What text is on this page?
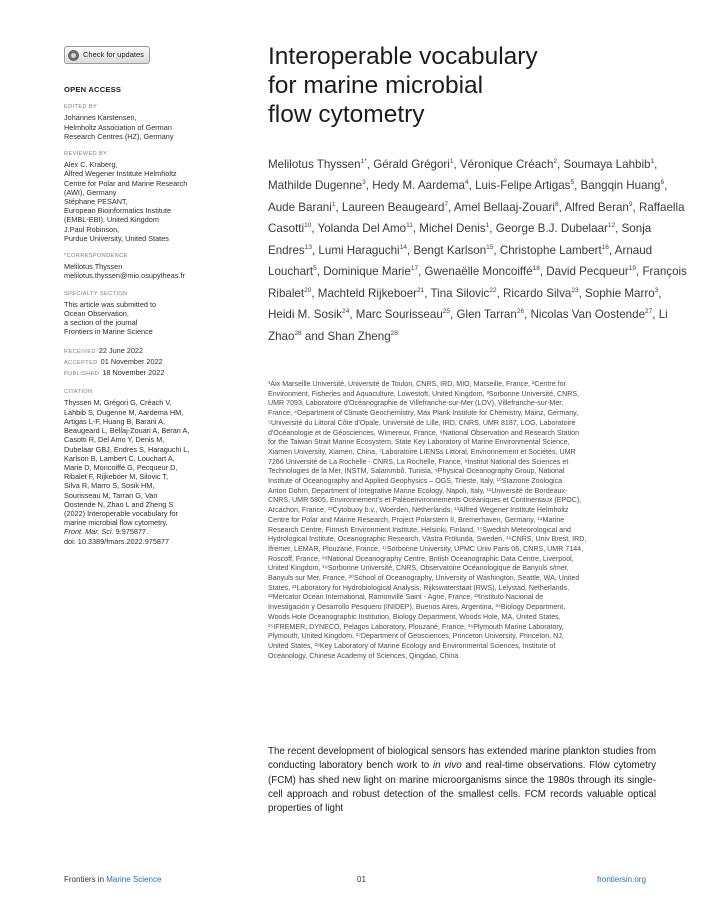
Check for updates
OPEN ACCESS
EDITED BY
Johannes Karstensen,
Helmholtz Association of German
Research Centres (HZ), Germany
REVIEWED BY
Alex C. Kraberg,
Alfred Wegener Institute Helmholtz
Centre for Polar and Marine Research
(AWI), Germany
Stéphane PESANT,
European Bioinformatics Institute
(EMBL-EBI), United Kingdom
J.Paul Robinson,
Purdue University, United States
*CORRESPONDENCE
Melilotus Thyssen
melilotus.thyssen@mio.osupytheas.fr
SPECIALTY SECTION
This article was submitted to
Ocean Observation,
a section of the journal
Frontiers in Marine Science
RECEIVED 22 June 2022
ACCEPTED 01 November 2022
PUBLISHED 18 November 2022
CITATION
Thyssen M, Grégori G, Créach V,
Lahbib S, Dugenne M, Aardema HM,
Artigas L-F, Huang B, Barani A,
Beaugeard L, Bellaj-Zouari A, Beran A,
Casotti R, Del Amo Y, Denis M,
Dubelaar GBJ, Endres S, Haraguchi L,
Karlson B, Lambert C, Louchart A,
Marie D, Moncoiffé G, Pecqueur D,
Ribalet F, Rijkeboer M, Silovic T,
Silva R, Marro S, Sosik HM,
Sourisseau M, Tarran G, Van
Oostende N, Zhao L and Zheng S
(2022) Interoperable vocabulary for
marine microbial flow cytometry.
Front. Mar. Sci. 9:975877.
doi: 10.3389/fmars.2022.975877
Interoperable vocabulary
for marine microbial
flow cytometry
Melilotus Thyssen$^{1*}$, Gérald Grégori$^1$, Véronique Créach$^2$, Soumaya Lahbib$^1$, Mathilde Dugenne$^3$, Hedy M. Aardema$^4$, Luis-Felipe Artigas$^5$, Bangqin Huang$^6$, Aude Barani$^1$, Laureen Beaugeard$^7$, Amel Bellaaj-Zouari$^8$, Alfred Beran$^9$, Raffaella Casotti$^{10}$, Yolanda Del Amo$^{11}$, Michel Denis$^1$, George B.J. Dubelaar$^{12}$, Sonja Endres$^{13}$, Lumi Haraguchi$^{14}$, Bengt Karlson$^{15}$, Christophe Lambert$^{16}$, Arnaud Louchart$^5$, Dominique Marie$^{17}$, Gwenaëlle Moncoiffé$^{18}$, David Pecqueur$^{19}$, François Ribalet$^{20}$, Machteld Rijkeboer$^{21}$, Tina Silovic$^{22}$, Ricardo Silva$^{23}$, Sophie Marro$^3$, Heidi M. Sosik$^{24}$, Marc Sourisseau$^{25}$, Glen Tarran$^{26}$, Nicolas Van Oostende$^{27}$, Li Zhao$^{28}$ and Shan Zheng$^{28}$
¹Aix Marseille Université, Université de Toulon, CNRS, IRD, MIO, Marseille, France, ²Centre for
Environment, Fisheries and Aquaculture, Lowestoft, United Kingdom, ³Sorbonne Université, CNRS,
UMR 7093, Laboratoire d'Océanographie de Villefranche-sur-Mer (LOV), Villefranche-sur-Mer,
France, ⁴Department of Climate Geochemistry, Max Plank Institute for Chemistry, Mainz, Germany,
⁵Université du Littoral Côte d'Opale, Université de Lille, IRD, CNRS, UMR 8187, LOG, Laboratoire
d'Océanologie et de Géosciences, Wimereux, France, ⁶National Observation and Research Station
for the Taiwan Strait Marine Ecosystem, State Key Laboratory of Marine Environmental Science,
Xiamen University, Xiamen, China, ⁷Laboratoire LIENSs Littoral, Environnement et Sociétés, UMR
7266 Université de La Rochelle - CNRS, La Rochelle, France, ⁸Institut National des Sciences et
Technologies de la Mer, INSTM, Salammbô, Tunisia, ⁹Physical Oceanography Group, National
Institute of Oceanography and Applied Geophysics – OGS, Trieste, Italy, ¹⁰Stazione Zoologica
Anton Dohrn, Department of Integrative Marine Ecology, Napoli, Italy, ¹¹Université de Bordeaux-
CNRS, UMR 5805, Environnement's et Paléoenvironnements Océaniques et Continentaux (EPOC),
Arcachon, France, ¹²Cytobuoy b.v., Woerden, Netherlands, ¹³Alfred Wegener Institute Helmholtz
Centre for Polar and Marine Research, Project Polarstern II, Bremerhaven, Germany, ¹⁴Marine
Research Centre, Finnish Environment Institute, Helsinki, Finland, ¹⁵Swedish Meteorological and
Hydrological Institute, Oceanographic Research, Västra Frölunda, Sweden, ¹⁶CNRS, Univ Brest, IRD,
Ifremer, LEMAR, Plouzane, France, ¹⁷Sorbonne University, UPMC Univ Paris 06, CNRS, UMR 7144,
Roscoff, France, ¹⁸National Oceanography Centre, British Oceanographic Data Centre, Liverpool,
United Kingdom, ¹⁹Sorbonne Université, CNRS, Observatoire Océanologique de Banyuls s/mer,
Banyuls sur Mer, France, ²⁰School of Oceanography, University of Washington, Seattle, WA, United
States, ²¹Laboratory for Hydrobiological Analysis, Rijkswaterstaat (RWS), Lelystad, Netherlands,
²²Mercator Ocean International, Ramonville Saint - Agne, France, ²³Instituto Nacional de
Investigación y Desarrollo Pesquero (INIDEP), Buenos Aires, Argentina, ²⁴Biology Department,
Woods Hole Oceanographic Institution, Biology Department, Woods Hole, MA, United States,
²⁵IFREMER, DYNECO, Pelagos Laboratory, Plouzané, France, ²⁶Plymouth Marine Laboratory,
Plymouth, United Kingdom, ²⁷Department of Geosciences, Princeton University, Princeton, NJ,
United States, ²⁸Key Laboratory of Marine Ecology and Environmental Sciences, Institute of
Oceanology, Chinese Academy of Sciences, Qingdao, China
The recent development of biological sensors has extended marine plankton studies from conducting laboratory bench work to in vivo and real-time observations. Flow cytometry (FCM) has shed new light on marine microorganisms since the 1980s through its single-cell approach and robust detection of the smallest cells. FCM records valuable optical properties of light
Frontiers in Marine Science	01	frontiersin.org
